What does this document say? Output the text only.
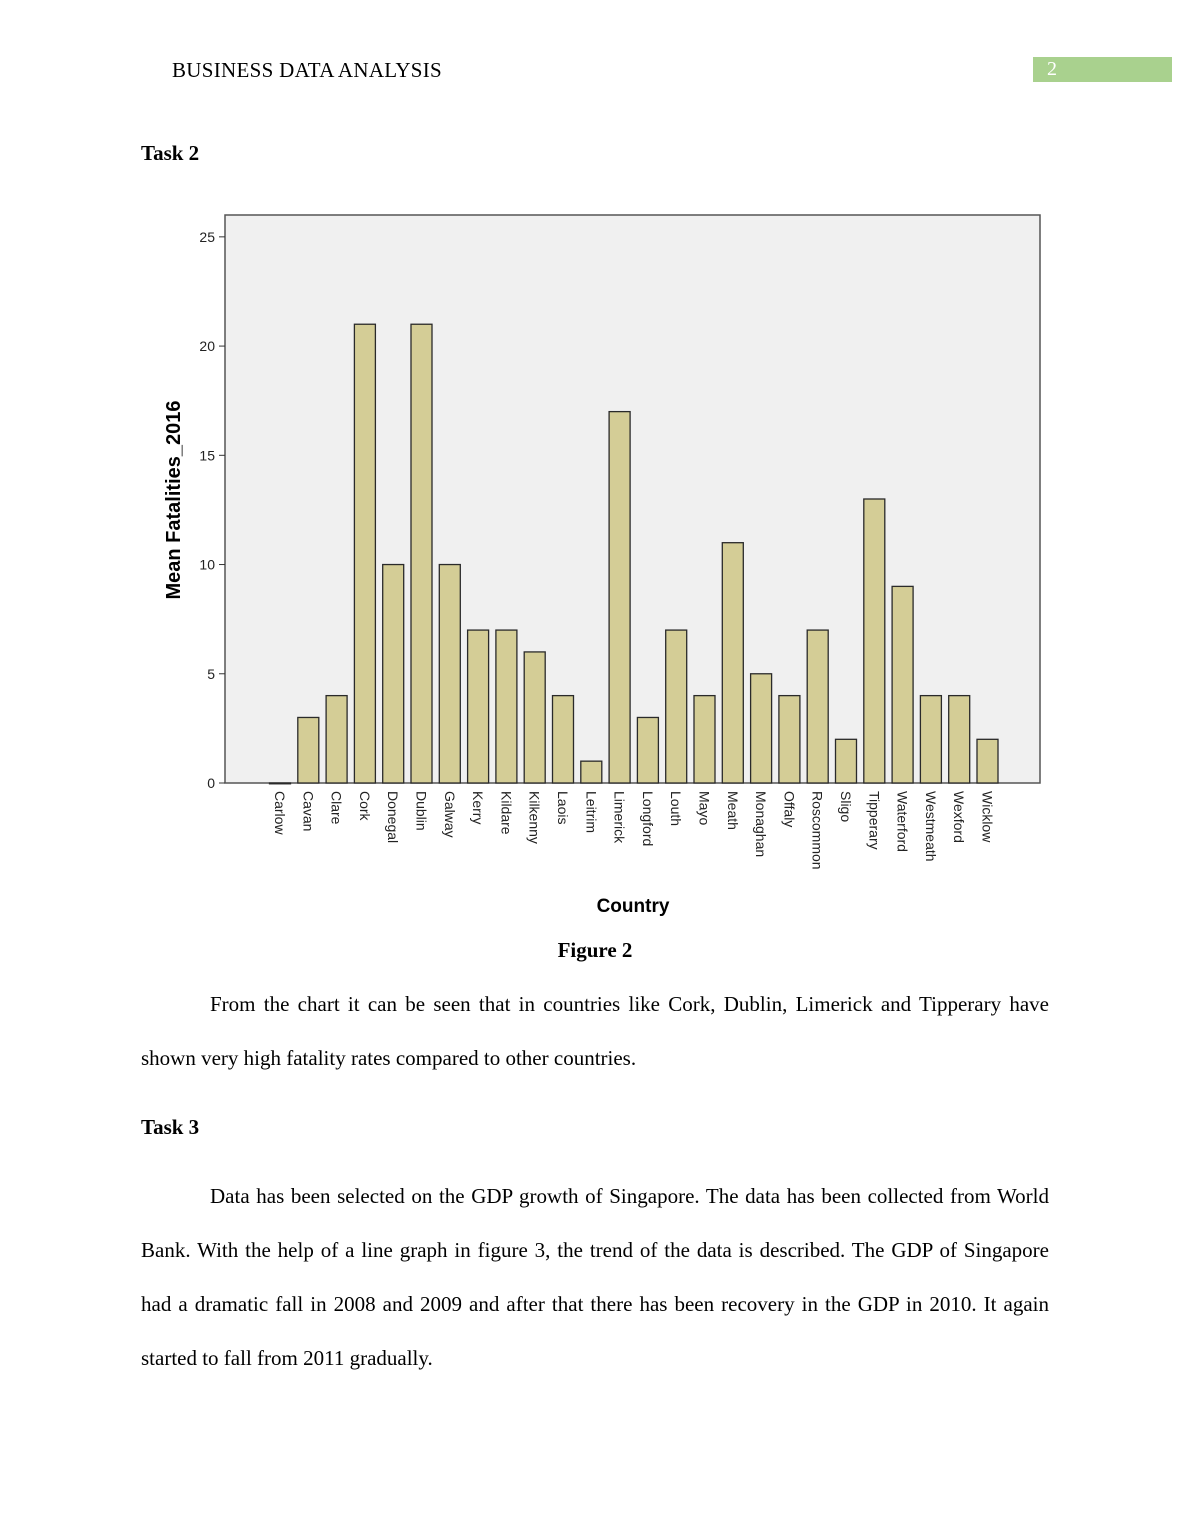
BUSINESS DATA ANALYSIS	2
Task 2
0
5
10
15
20
25
Carlow Cavan Clare Cork Donegal Dublin Galway Kerry Kildare Kilkenny Laois Leitrim Limerick Longford Louth Mayo Meath Monaghan Offaly Roscommon Sligo Tipperary Waterford Westmeath Wexford Wicklow
Mean Fatalities_2016
Country
Figure 2

From the chart it can be seen that in countries like Cork, Dublin, Limerick and Tipperary have shown very high fatality rates compared to other countries.

Task 3

Data has been selected on the GDP growth of Singapore. The data has been collected from World Bank. With the help of a line graph in figure 3, the trend of the data is described. The GDP of Singapore had a dramatic fall in 2008 and 2009 and after that there has been recovery in the GDP in 2010. It again started to fall from 2011 gradually.
